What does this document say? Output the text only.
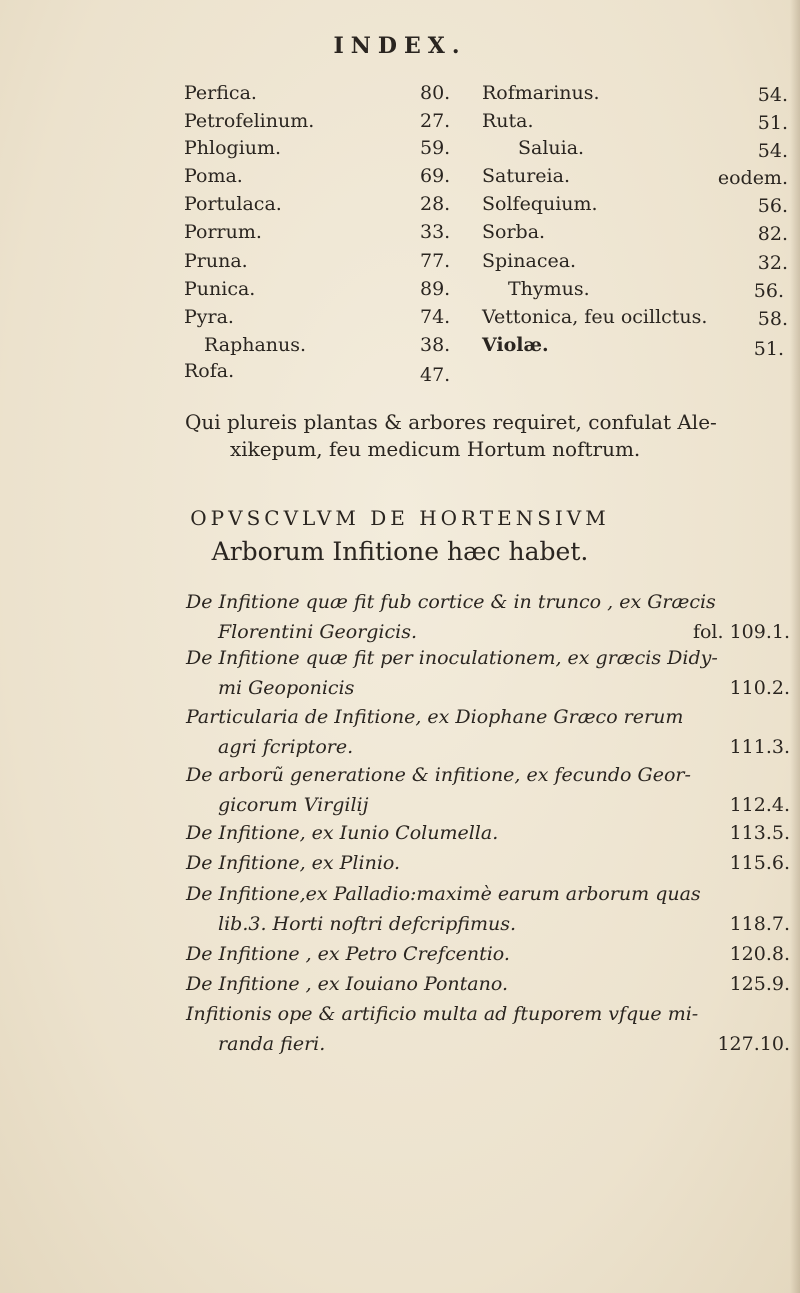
INDEX.
Perfica.	80. Rofmarinus.	54.
Petrofelinum.	27. Ruta.	51.
Phlogium.	59.	Saluia.	54.
Poma.	69. Satureia.	eodem.
Portulaca.	28. Solfequium.	56.
Porrum.	33. Sorba.	82.
Pruna.	77. Spinacea.	32.
Punica.	89.	Thymus.	56.
Pyra.	74. Vettonica, feu ocillctus.	58.
Raphanus.	38. Violæ.	51.
Rofa.	47.
Qui plureis plantas & arbores requiret, confulat Ale-
xikepum, feu medicum Hortum noftrum.
OPVSCVLVM DE HORTENSIVM
Arborum Infitione hæc habet.
De Infitione quæ fit fub cortice & in trunco , ex Græcis
Florentini Georgicis.	fol. 109.1.
De Infitione quæ fit per inoculationem, ex græcis Didy-
mi Geoponicis	110.2.
Particularia de Infitione, ex Diophane Græco rerum
agri fcriptore.	111.3.
De arborũ generatione & infitione, ex fecundo Geor-
gicorum Virgilij	112.4.
De Infitione, ex Iunio Columella.	113.5.
De Infitione, ex Plinio.	115.6.
De Infitione,ex Palladio:maximè earum arborum quas
lib.3. Horti noftri defcripfimus.	118.7.
De Infitione , ex Petro Crefcentio.	120.8.
De Infitione , ex Iouiano Pontano.	125.9.
Infitionis ope & artificio multa ad ftuporem vfque mi-
randa fieri.	127.10.
